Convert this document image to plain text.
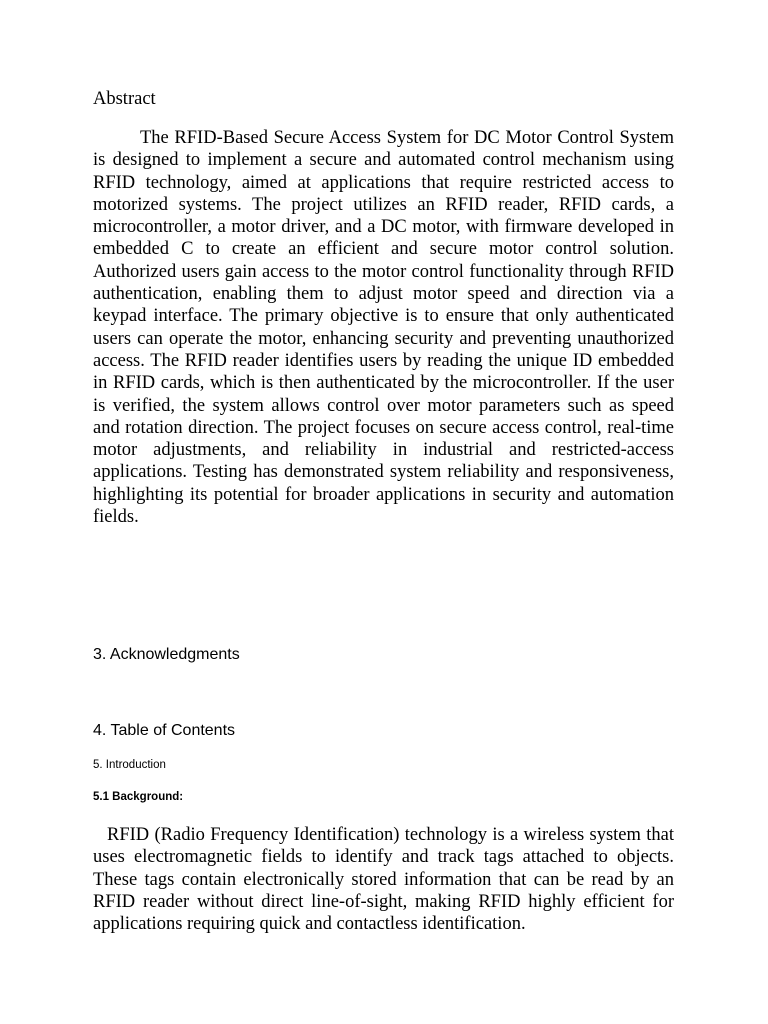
Abstract

The RFID-Based Secure Access System for DC Motor Control System is designed to implement a secure and automated control mechanism using RFID technology, aimed at applications that require restricted access to motorized systems. The project utilizes an RFID reader, RFID cards, a microcontroller, a motor driver, and a DC motor, with firmware developed in embedded C to create an efficient and secure motor control solution. Authorized users gain access to the motor control functionality through RFID authentication, enabling them to adjust motor speed and direction via a keypad interface. The primary objective is to ensure that only authenticated users can operate the motor, enhancing security and preventing unauthorized access. The RFID reader identifies users by reading the unique ID embedded in RFID cards, which is then authenticated by the microcontroller. If the user is verified, the system allows control over motor parameters such as speed and rotation direction. The project focuses on secure access control, real-time motor adjustments, and reliability in industrial and restricted-access applications. Testing has demonstrated system reliability and responsiveness, highlighting its potential for broader applications in security and automation fields.

3. Acknowledgments
4. Table of Contents
5. Introduction
5.1 Background:

RFID (Radio Frequency Identification) technology is a wireless system that uses electromagnetic fields to identify and track tags attached to objects. These tags contain electronically stored information that can be read by an RFID reader without direct line-of-sight, making RFID highly efficient for applications requiring quick and contactless identification.
